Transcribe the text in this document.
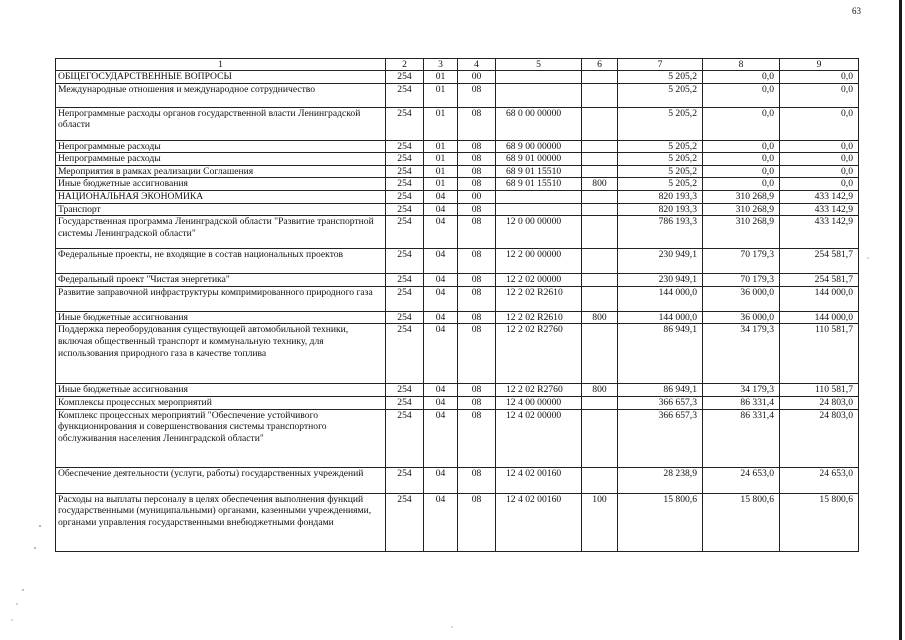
63
1	2	3	4	5	6	7	8	9
ОБЩЕГОСУДАРСТВЕННЫЕ ВОПРОСЫ	254	01	00			5 205,2	0,0	0,0
Международные отношения и международное сотрудничество	254	01	08			5 205,2	0,0	0,0
Непрограммные расходы органов государственной власти Ленинградской области	254	01	08	68 0 00 00000		5 205,2	0,0	0,0
Непрограммные расходы	254	01	08	68 9 00 00000		5 205,2	0,0	0,0
Непрограммные расходы	254	01	08	68 9 01 00000		5 205,2	0,0	0,0
Мероприятия в рамках реализации Соглашения	254	01	08	68 9 01 15510		5 205,2	0,0	0,0
Иные бюджетные ассигнования	254	01	08	68 9 01 15510	800	5 205,2	0,0	0,0
НАЦИОНАЛЬНАЯ ЭКОНОМИКА	254	04	00			820 193,3	310 268,9	433 142,9
Транспорт	254	04	08			820 193,3	310 268,9	433 142,9
Государственная программа Ленинградской области "Развитие транспортной системы Ленинградской области"	254	04	08	12 0 00 00000		786 193,3	310 268,9	433 142,9
Федеральные проекты, не входящие в состав национальных проектов	254	04	08	12 2 00 00000		230 949,1	70 179,3	254 581,7
Федеральный проект "Чистая энергетика"	254	04	08	12 2 02 00000		230 949,1	70 179,3	254 581,7
Развитие заправочной инфраструктуры компримированного природного газа	254	04	08	12 2 02 R2610		144 000,0	36 000,0	144 000,0
Иные бюджетные ассигнования	254	04	08	12 2 02 R2610	800	144 000,0	36 000,0	144 000,0
Поддержка переоборудования существующей автомобильной техники, включая общественный транспорт и коммунальную технику, для использования природного газа в качестве топлива	254	04	08	12 2 02 R2760		86 949,1	34 179,3	110 581,7
Иные бюджетные ассигнования	254	04	08	12 2 02 R2760	800	86 949,1	34 179,3	110 581,7
Комплексы процессных мероприятий	254	04	08	12 4 00 00000		366 657,3	86 331,4	24 803,0
Комплекс процессных мероприятий "Обеспечение устойчивого функционирования и совершенствования системы транспортного обслуживания населения Ленинградской области"	254	04	08	12 4 02 00000		366 657,3	86 331,4	24 803,0
Обеспечение деятельности (услуги, работы) государственных учреждений	254	04	08	12 4 02 00160		28 238,9	24 653,0	24 653,0
Расходы на выплаты персоналу в целях обеспечения выполнения функций государственными (муниципальными) органами, казенными учреждениями, органами управления государственными внебюджетными фондами	254	04	08	12 4 02 00160	100	15 800,6	15 800,6	15 800,6
